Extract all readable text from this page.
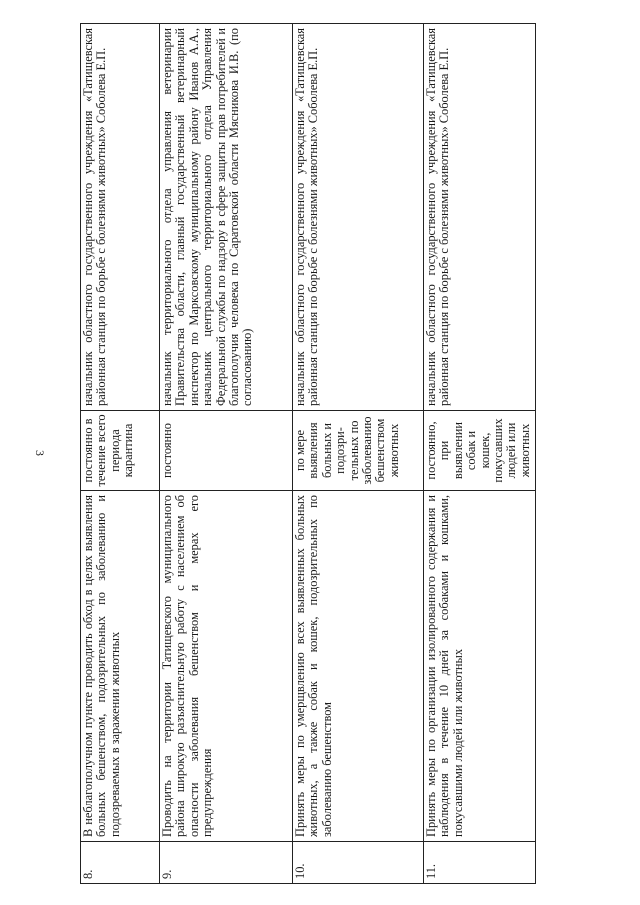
3
8.	В неблагополучном пункте проводить обход в целях выявления больных бешенством, подозрительных по заболеванию и подозреваемых в заражении животных	постоянно в течение всего периода карантина	начальник областного государственного учреждения «Татищевская районная станция по борьбе с болезнями животных» Соболева Е.П.
9.	Проводить на территории Татищевского муниципального района широкую разъяснительную работу с населением об опасности заболевания бешенством и мерах его предупреждения	постоянно	начальник территориального отдела управления ветеринарии Правительства области, главный государственный ветеринарный инспектор по Марксовскому муниципальному району Иванов А.А., начальник центрального территориального отдела Управления Федеральной службы по надзору в сфере защиты прав потребителей и благополучия человека по Саратовской области Мясникова И.В. (по согласованию)
10.	Принять меры по умерщвлению всех выявленных больных животных, а также собак и кошек, подозрительных по заболеванию бешенством	по мере выявления больных и подозри-тельных по заболеванию бешенством животных	начальник областного государственного учреждения «Татищевская районная станция по борьбе с болезнями животных» Соболева Е.П.
11.	Принять меры по организации изолированного содержания и наблюдения в течение 10 дней за собаками и кошками, покусавшими людей или животных	постоянно, при выявлении собак и кошек, покусавших людей или животных	начальник областного государственного учреждения «Татищевская районная станция по борьбе с болезнями животных» Соболева Е.П.
